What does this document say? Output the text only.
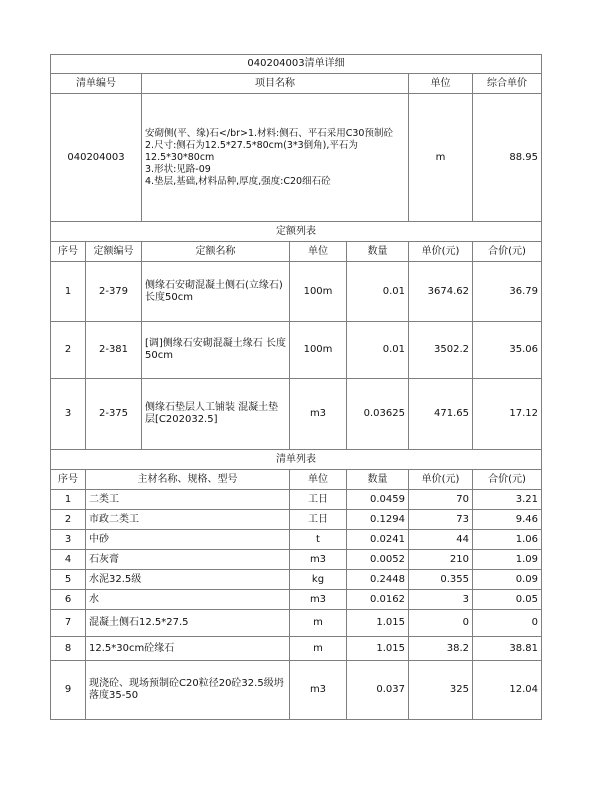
040204003清单详细						
清单编号		项目名称			单位	综合单价
040204003		安砌侧(平、缘)石</br>1.材料:侧石、平石采用C30预制砼
2.尺寸:侧石为12.5*27.5*80cm(3*3倒角),平石为12.5*30*80cm
3.形状:见路-09
4.垫层,基础,材料品种,厚度,强度:C20细石砼			m	88.95
定额列表						
序号	定额编号	定额名称	单位	数量	单价(元)	合价(元)
1	2-379	侧缘石安砌混凝土侧石(立缘石) 长度50cm	100m	0.01	3674.62	36.79
2	2-381	[调]侧缘石安砌混凝土缘石 长度50cm	100m	0.01	3502.2	35.06
3	2-375	侧缘石垫层人工铺装 混凝土垫层[C202032.5]	m3	0.03625	471.65	17.12
清单列表						
序号	主材名称、规格、型号		单位	数量	单价(元)	合价(元)
1	二类工		工日	0.0459	70	3.21
2	市政二类工		工日	0.1294	73	9.46
3	中砂		t	0.0241	44	1.06
4	石灰膏		m3	0.0052	210	1.09
5	水泥32.5级		kg	0.2448	0.355	0.09
6	水		m3	0.0162	3	0.05
7	混凝土侧石12.5*27.5		m	1.015	0	0
8	12.5*30cm砼缘石		m	1.015	38.2	38.81
9	现浇砼、现场预制砼C20粒径20砼32.5级坍落度35-50		m3	0.037	325	12.04
